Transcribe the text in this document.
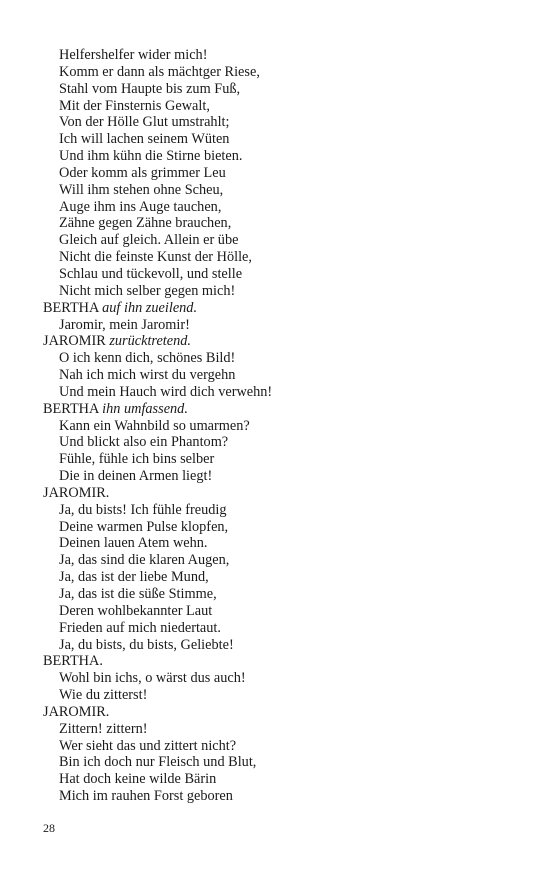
Helfershelfer wider mich!
Komm er dann als mächtger Riese,
Stahl vom Haupte bis zum Fuß,
Mit der Finsternis Gewalt,
Von der Hölle Glut umstrahlt;
Ich will lachen seinem Wüten
Und ihm kühn die Stirne bieten.
Oder komm als grimmer Leu
Will ihm stehen ohne Scheu,
Auge ihm ins Auge tauchen,
Zähne gegen Zähne brauchen,
Gleich auf gleich. Allein er übe
Nicht die feinste Kunst der Hölle,
Schlau und tückevoll, und stelle
Nicht mich selber gegen mich!
BERTHA auf ihn zueilend.
Jaromir, mein Jaromir!
JAROMIR zurücktretend.
O ich kenn dich, schönes Bild!
Nah ich mich wirst du vergehn
Und mein Hauch wird dich verwehn!
BERTHA ihn umfassend.
Kann ein Wahnbild so umarmen?
Und blickt also ein Phantom?
Fühle, fühle ich bins selber
Die in deinen Armen liegt!
JAROMIR.
Ja, du bists! Ich fühle freudig
Deine warmen Pulse klopfen,
Deinen lauen Atem wehn.
Ja, das sind die klaren Augen,
Ja, das ist der liebe Mund,
Ja, das ist die süße Stimme,
Deren wohlbekannter Laut
Frieden auf mich niedertaut.
Ja, du bists, du bists, Geliebte!
BERTHA.
Wohl bin ichs, o wärst dus auch!
Wie du zitterst!
JAROMIR.
Zittern! zittern!
Wer sieht das und zittert nicht?
Bin ich doch nur Fleisch und Blut,
Hat doch keine wilde Bärin
Mich im rauhen Forst geboren
28
